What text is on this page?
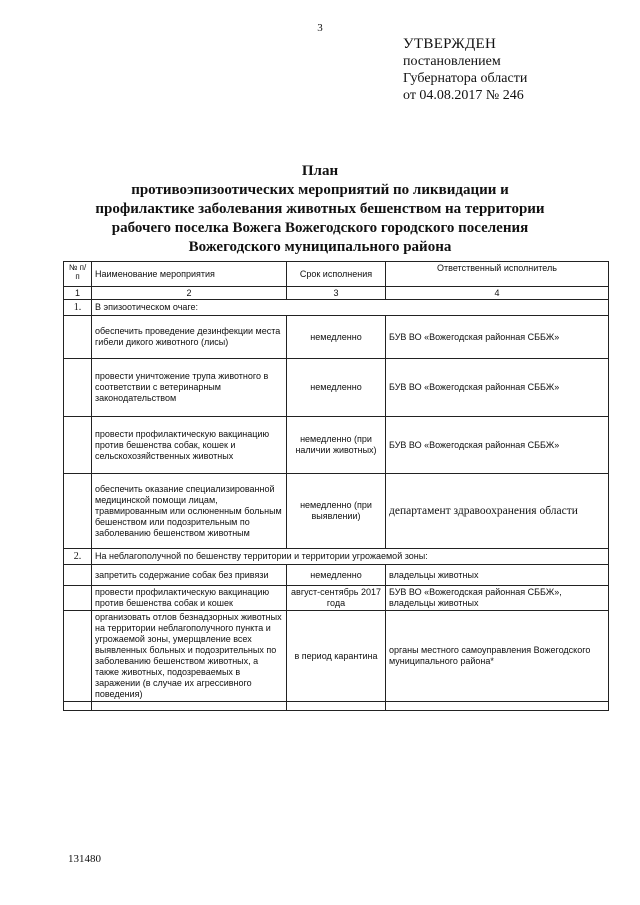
3
УТВЕРЖДЕН
постановлением
Губернатора области
от 04.08.2017 № 246
План
противоэпизоотических мероприятий по ликвидации и
профилактике заболевания животных бешенством на территории
рабочего поселка Вожега Вожегодского городского поселения
Вожегодского муниципального района
№ п/п	Наименование мероприятия	Срок исполнения	Ответственный исполнитель
1	2	3	4
1.	В эпизоотическом очаге:		
	обеспечить проведение дезинфекции места гибели дикого животного (лисы)	немедленно	БУВ ВО «Вожегодская районная СББЖ»
	провести уничтожение трупа животного в соответствии с ветеринарным законодательством	немедленно	БУВ ВО «Вожегодская районная СББЖ»
	провести профилактическую вакцинацию против бешенства собак, кошек и сельскохозяйственных животных	немедленно (при наличии животных)	БУВ ВО «Вожегодская районная СББЖ»
	обеспечить оказание специализированной медицинской помощи лицам, травмированным или ослюненным больным бешенством или подозрительным по заболеванию бешенством животным	немедленно (при выявлении)	департамент здравоохранения области
2.	На неблагополучной по бешенству территории и территории угрожаемой зоны:		
	запретить содержание собак без привязи	немедленно	владельцы животных
	провести профилактическую вакцинацию против бешенства собак и кошек	август-сентябрь 2017 года	БУВ ВО «Вожегодская районная СББЖ», владельцы животных
	организовать отлов безнадзорных животных на территории неблагополучного пункта и угрожаемой зоны, умерщвление всех выявленных больных и подозрительных по заболеванию бешенством животных, а также животных, подозреваемых в заражении (в случае их агрессивного поведения)	в период карантина	органы местного самоуправления Вожегодского муниципального района*

131480
